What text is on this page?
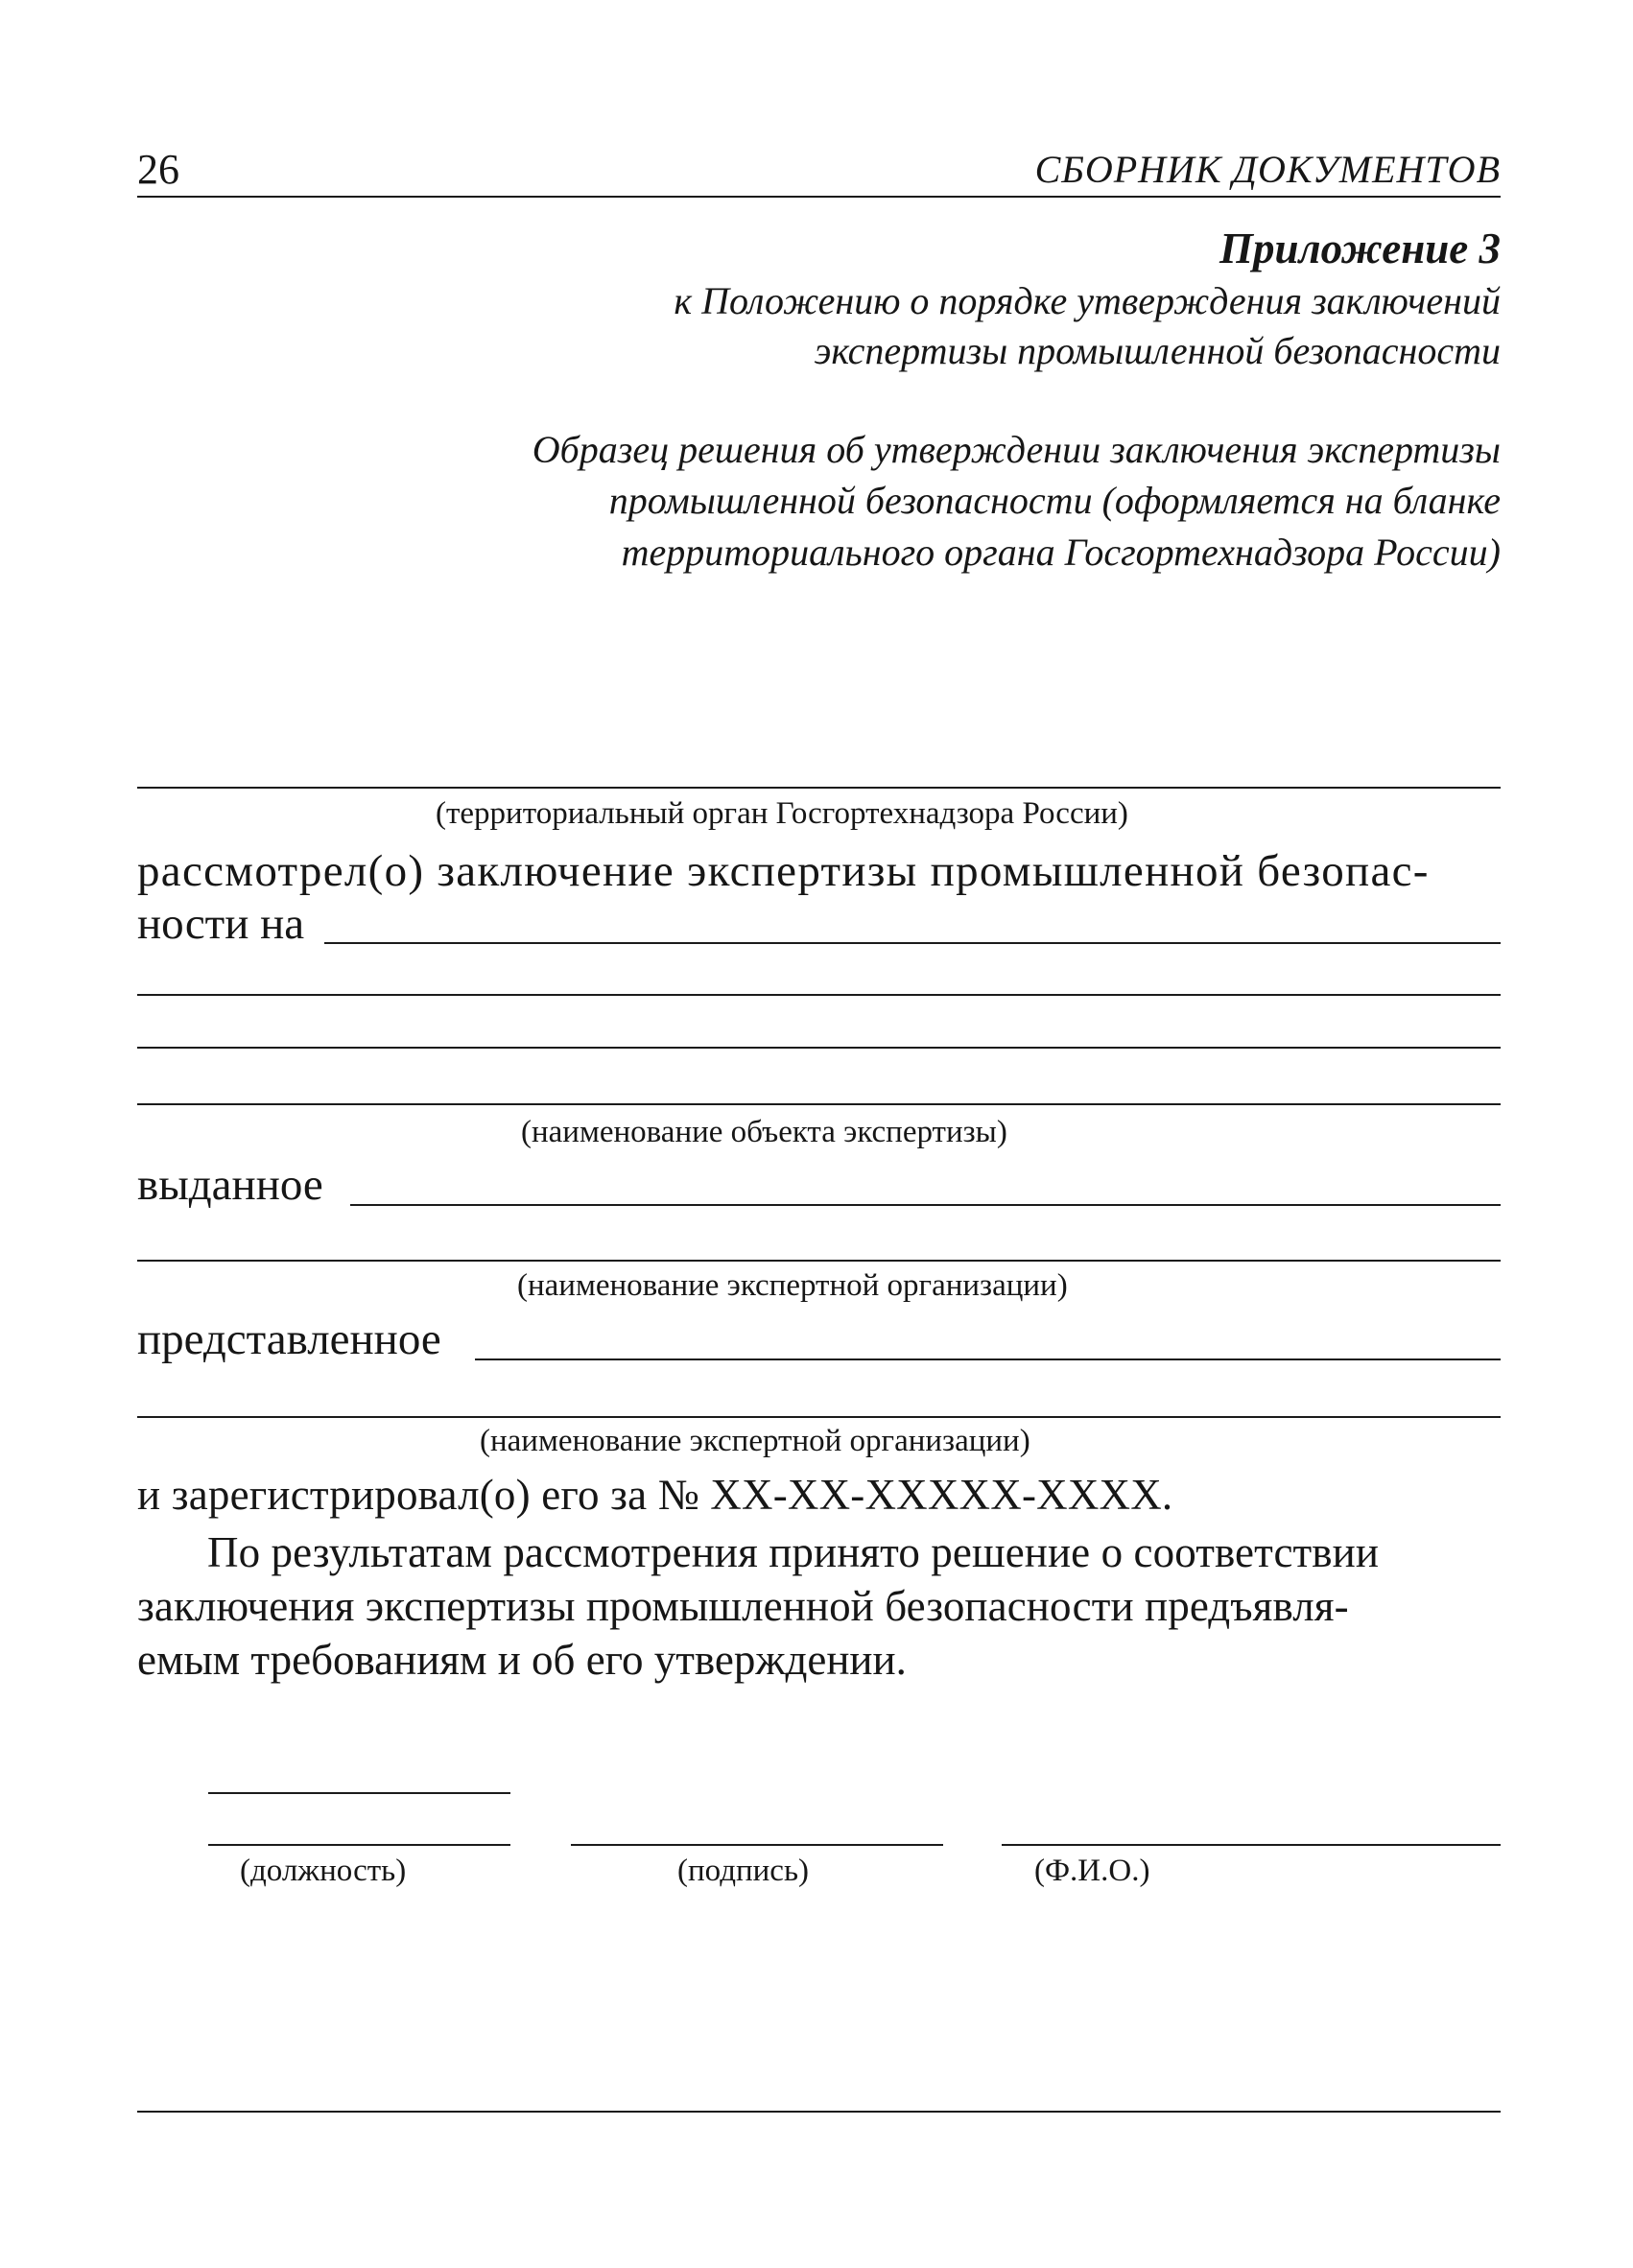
26	СБОРНИК ДОКУМЕНТОВ
Приложение 3
к Положению о порядке утверждения заключений
экспертизы промышленной безопасности
Образец решения об утверждении заключения экспертизы
промышленной безопасности (оформляется на бланке
территориального органа Госгортехнадзора России)
(территориальный орган Госгортехнадзора России)
рассмотрел(о) заключение экспертизы промышленной безопас-
ности на
(наименование объекта экспертизы)
выданное
(наименование экспертной организации)
представленное
(наименование экспертной организации)
и зарегистрировал(о) его за № ХХ-ХХ-ХХХХХ-ХХХХ.
По результатам рассмотрения принято решение о соответствии
заключения экспертизы промышленной безопасности предъявля-
емым требованиям и об его утверждении.
(должность)	(подпись)	(Ф.И.О.)
